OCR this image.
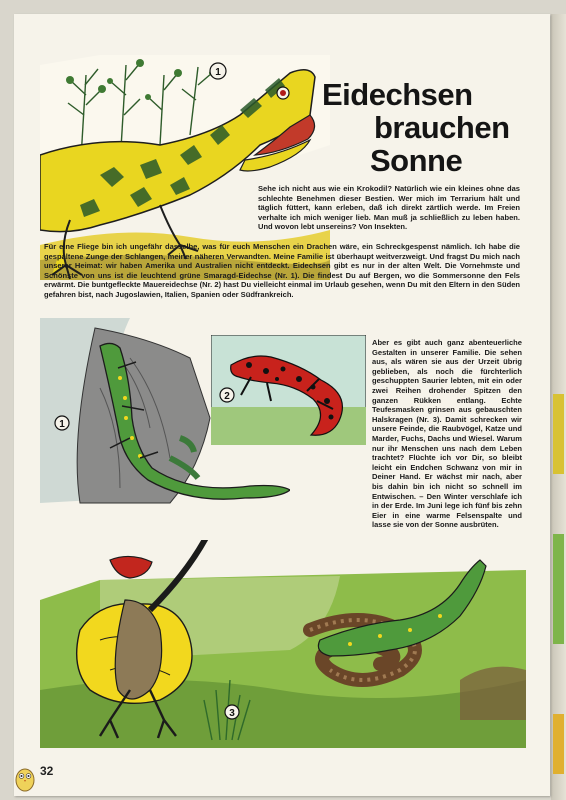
1
Eidechsen
brauchen
Sonne
Sehe ich nicht aus wie ein Krokodil? Natürlich wie ein kleines ohne das schlechte Benehmen dieser Bestien. Wer mich im Terrarium hält und täglich füttert, kann erleben, daß ich direkt zärtlich werde. Im Freien verhalte ich mich weniger lieb. Man muß ja schließlich zu leben haben. Und wovon lebt unsereins? Von Insekten.
Für eine Fliege bin ich ungefähr dasselbe, was für euch Menschen ein Drachen wäre, ein Schreckgespenst nämlich. Ich habe die gespaltene Zunge der Schlangen, meiner näheren Verwandten. Meine Familie ist überhaupt weitverzweigt. Und fragst Du mich nach unserer Heimat: wir haben Amerika und Australien nicht entdeckt. Eidechsen gibt es nur in der alten Welt. Die Vornehmste und Schönste von uns ist die leuchtend grüne Smaragd-Eidechse (Nr. 1). Die findest Du auf Bergen, wo die Sommersonne den Fels erwärmt. Die buntgefleckte Mauereidechse (Nr. 2) hast Du vielleicht einmal im Urlaub gesehen, wenn Du mit den Eltern in den Süden gefahren bist, nach Jugoslawien, Italien, Spanien oder Südfrankreich.
1
2
Aber es gibt auch ganz abenteuerliche Gestalten in unserer Familie. Die sehen aus, als wären sie aus der Urzeit übrig geblieben, als noch die fürchterlich geschuppten Saurier lebten, mit ein oder zwei Reihen drohender Spitzen den ganzen Rükken entlang. Echte Teufesmasken grinsen aus gebauschten Halskragen (Nr. 3). Damit schrecken wir unsere Feinde, die Raubvögel, Katze und Marder, Fuchs, Dachs und Wiesel. Warum nur ihr Menschen uns nach dem Leben trachtet? Flüchte ich vor Dir, so bleibt leicht ein Endchen Schwanz von mir in Deiner Hand. Er wächst mir nach, aber bis dahin bin ich nicht so schnell im Entwischen. – Den Winter verschlafe ich in der Erde. Im Juni lege ich fünf bis zehn Eier in eine warme Felsenspalte und lasse sie von der Sonne ausbrüten.
3
32
